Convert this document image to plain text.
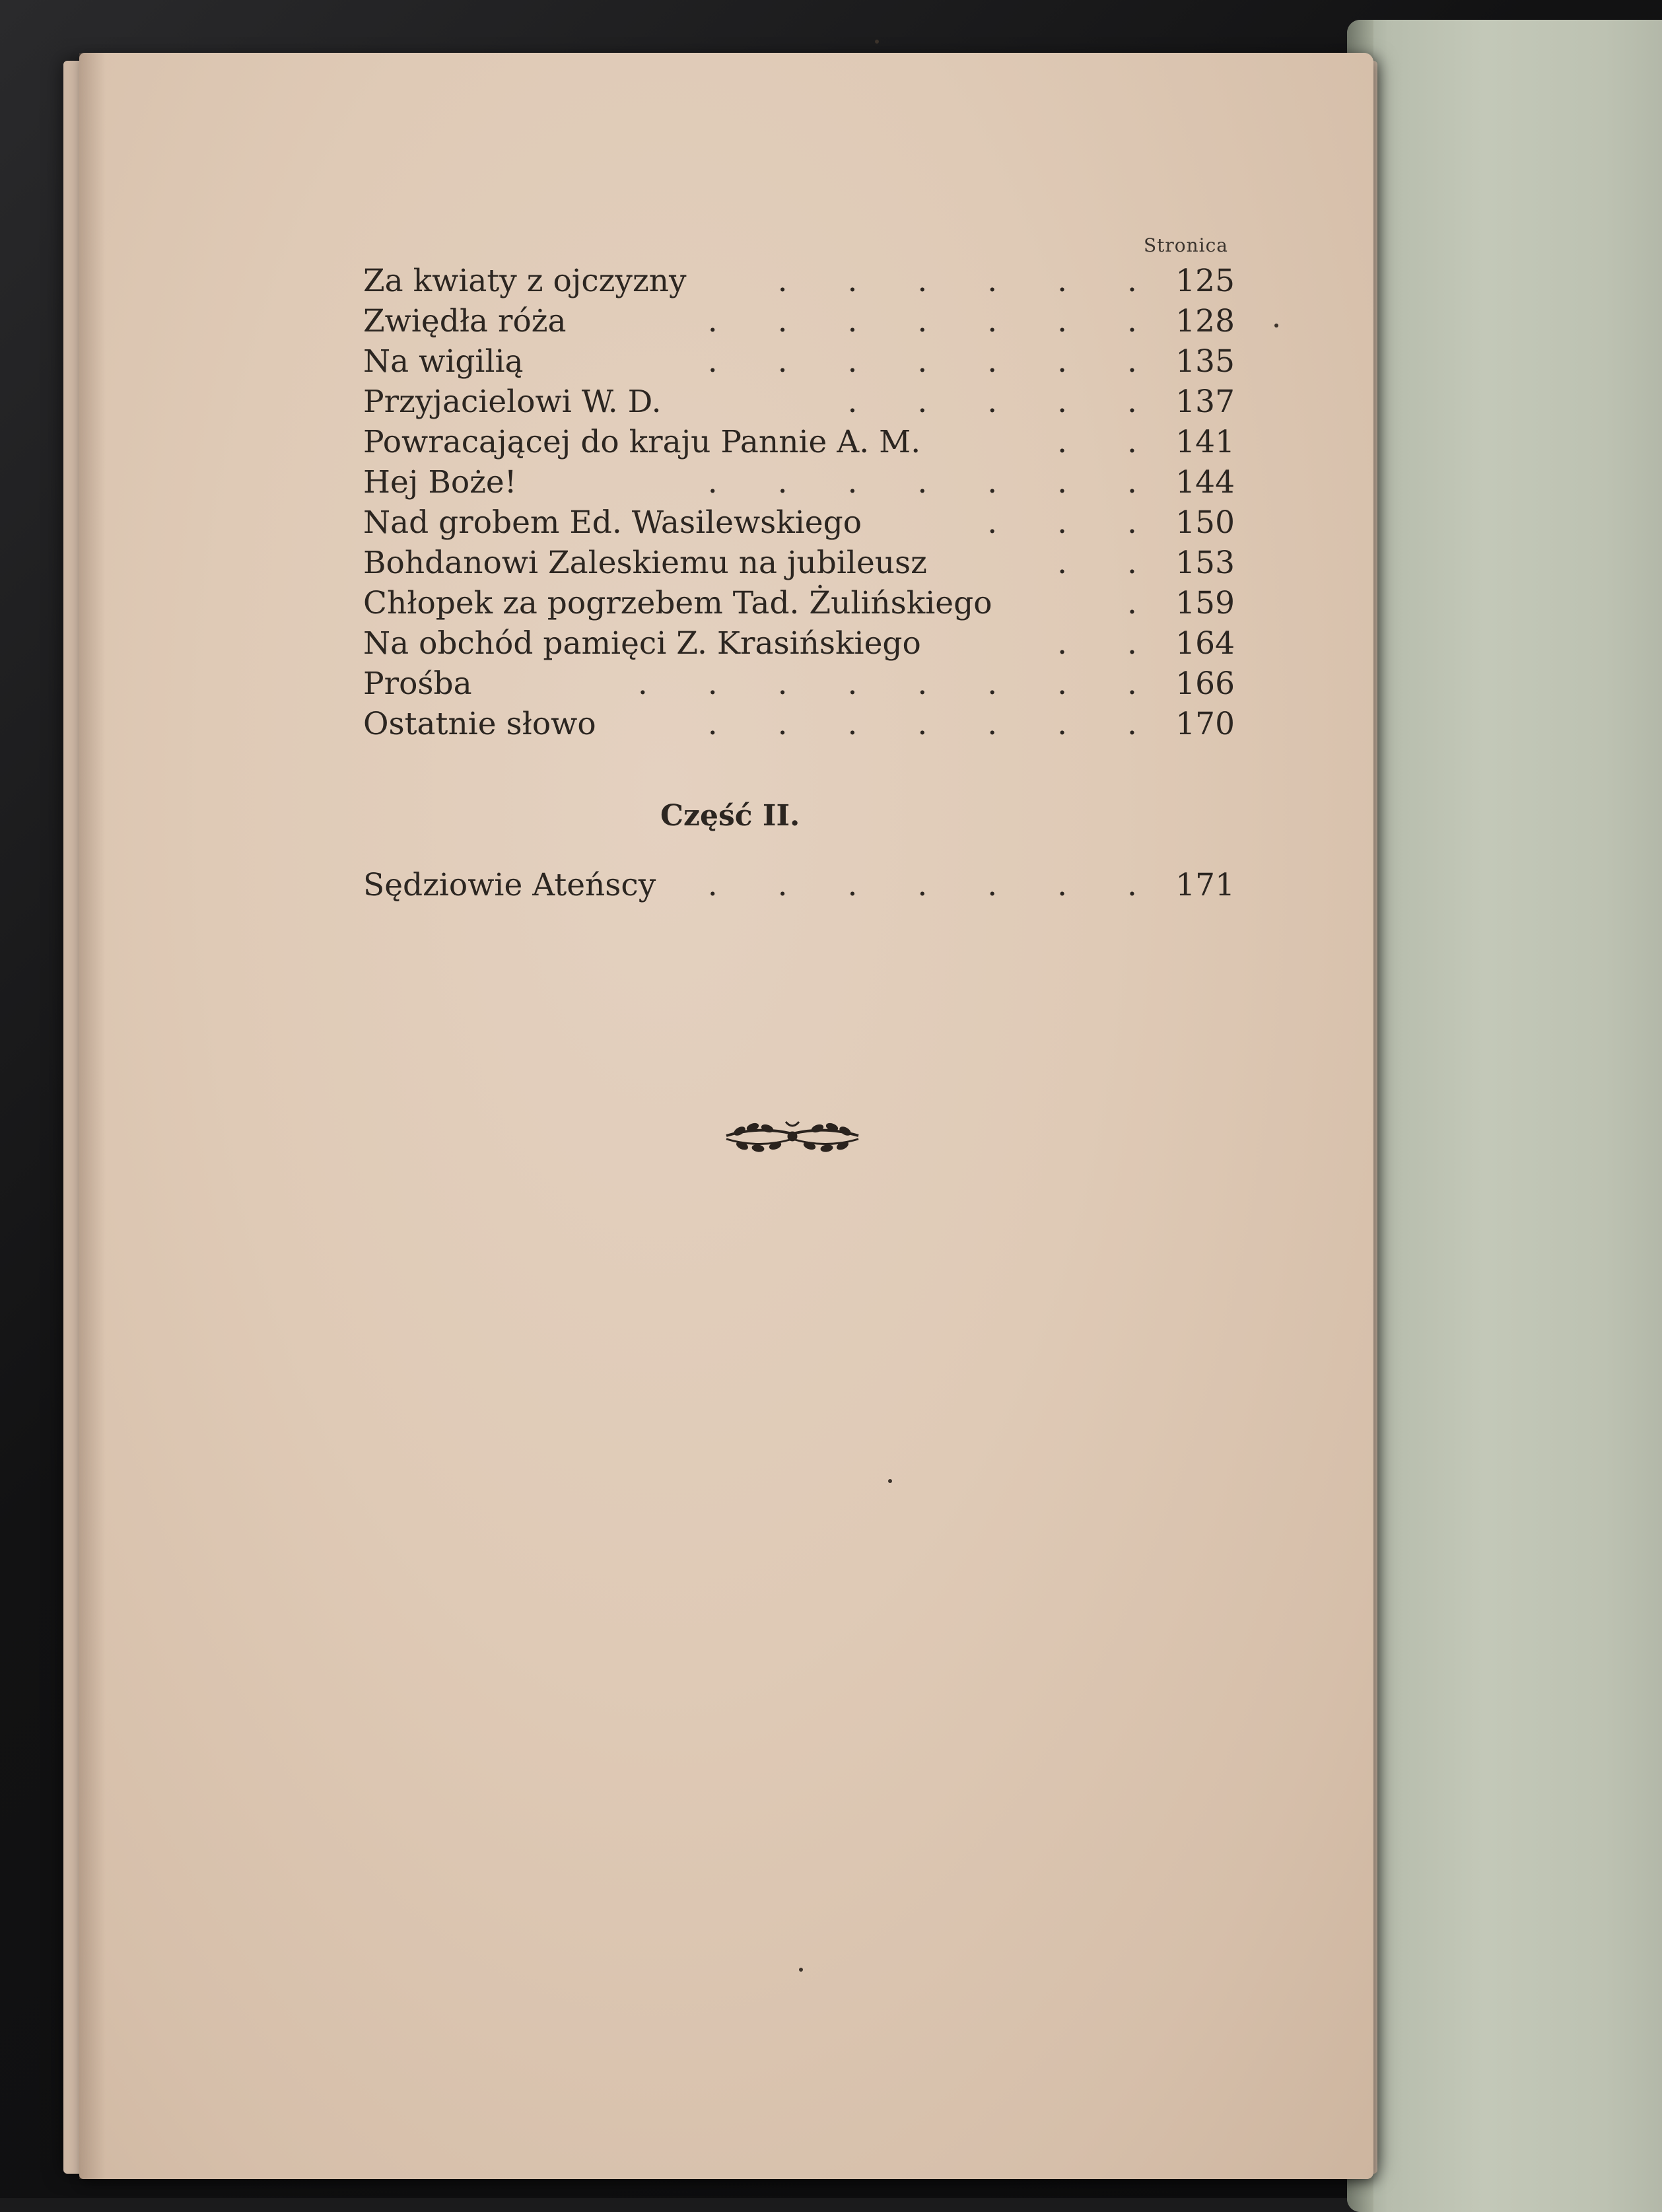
Stronica
Za kwiaty z ojczyzny	. . . . . . 125
Zwiędła róża	. . . . . . . 128
Na wigilią	. . . . . . . 135
Przyjacielowi W. D.	. . . . . 137
Powracającej do kraju Pannie A. M.	. . 141
Hej Boże!	. . . . . . . 144
Nad grobem Ed. Wasilewskiego	. . . 150
Bohdanowi Zaleskiemu na jubileusz	. . 153
Chłopek za pogrzebem Tad. Żulińskiego	. 159
Na obchód pamięci Z. Krasińskiego	. . 164
Prośba	. . . . . . . . 166
Ostatnie słowo	. . . . . . . 170
Część II.
Sędziowie Ateńscy . . . . . . . 171
